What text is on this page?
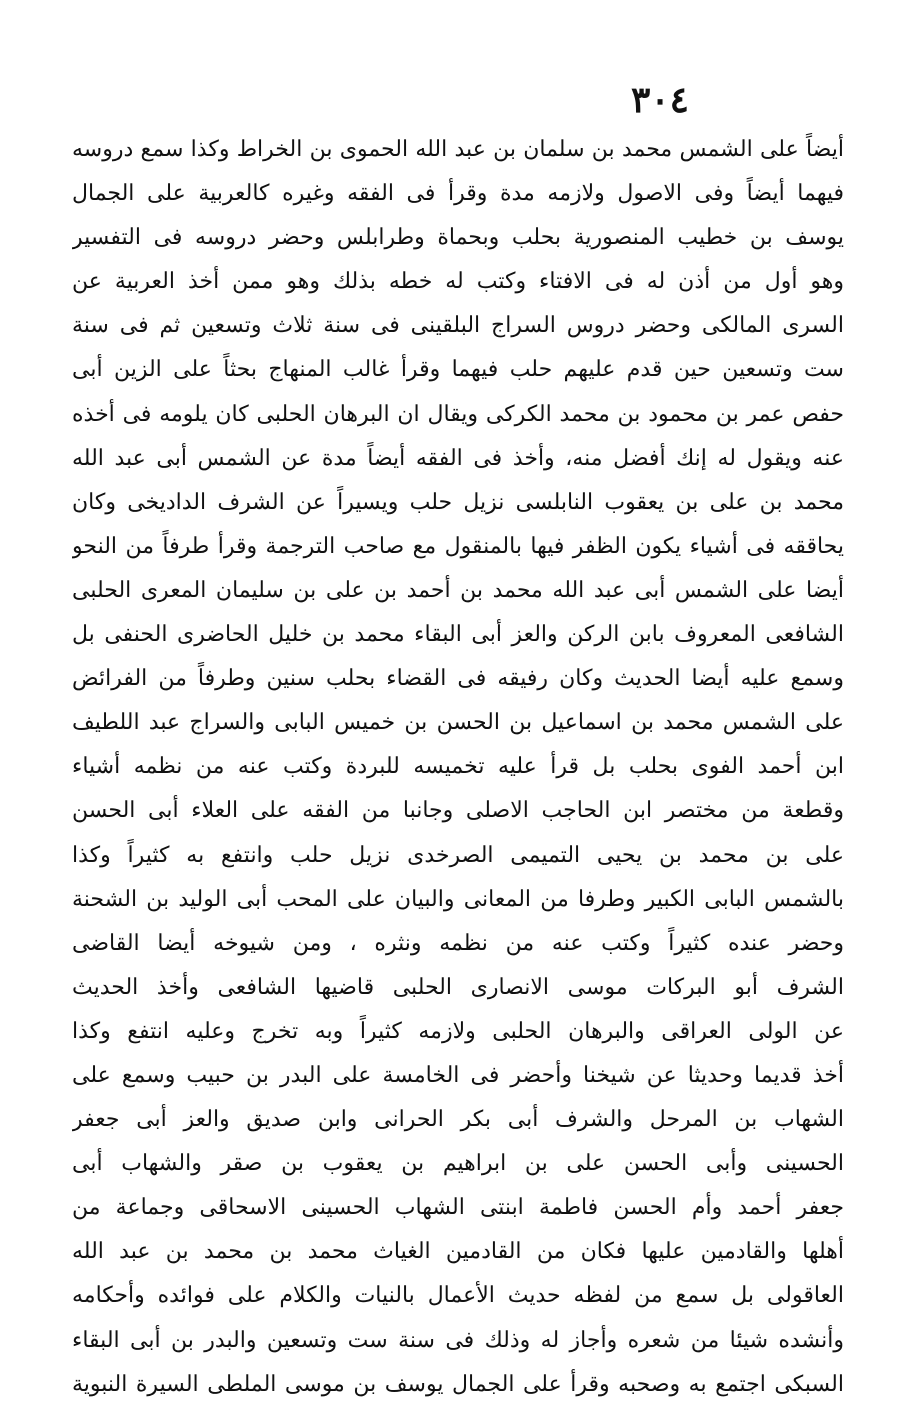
٣٠٤
أيضاً على الشمس محمد بن سلمان بن عبد الله الحموى بن الخراط وكذا سمع دروسه
فيهما أيضاً وفى الاصول ولازمه مدة وقرأ فى الفقه وغيره كالعربية على الجمال
يوسف بن خطيب المنصورية بحلب وبحماة وطرابلس وحضر دروسه فى التفسير
وهو أول من أذن له فى الافتاء وكتب له خطه بذلك وهو ممن أخذ العربية عن
السرى المالكى وحضر دروس السراج البلقينى فى سنة ثلاث وتسعين ثم فى سنة
ست وتسعين حين قدم عليهم حلب فيهما وقرأ غالب المنهاج بحثاً على الزين أبى
حفص عمر بن محمود بن محمد الكركى ويقال ان البرهان الحلبى كان يلومه فى أخذه
عنه ويقول له إنك أفضل منه، وأخذ فى الفقه أيضاً مدة عن الشمس أبى عبد الله
محمد بن على بن يعقوب النابلسى نزيل حلب ويسيراً عن الشرف الداديخى وكان
يحاققه فى أشياء يكون الظفر فيها بالمنقول مع صاحب الترجمة وقرأ طرفاً من النحو
أيضا على الشمس أبى عبد الله محمد بن أحمد بن على بن سليمان المعرى الحلبى
الشافعى المعروف بابن الركن والعز أبى البقاء محمد بن خليل الحاضرى الحنفى بل
وسمع عليه أيضا الحديث وكان رفيقه فى القضاء بحلب سنين وطرفاً من الفرائض
على الشمس محمد بن اسماعيل بن الحسن بن خميس البابى والسراج عبد اللطيف
ابن أحمد الفوى بحلب بل قرأ عليه تخميسه للبردة وكتب عنه من نظمه أشياء
وقطعة من مختصر ابن الحاجب الاصلى وجانبا من الفقه على العلاء أبى الحسن
على بن محمد بن يحيى التميمى الصرخدى نزيل حلب وانتفع به كثيراً وكذا
بالشمس البابى الكبير وطرفا من المعانى والبيان على المحب أبى الوليد بن الشحنة
وحضر عنده كثيراً وكتب عنه من نظمه ونثره ، ومن شيوخه أيضا القاضى
الشرف أبو البركات موسى الانصارى الحلبى قاضيها الشافعى وأخذ الحديث
عن الولى العراقى والبرهان الحلبى ولازمه كثيراً وبه تخرج وعليه انتفع وكذا
أخذ قديما وحديثا عن شيخنا وأحضر فى الخامسة على البدر بن حبيب وسمع على
الشهاب بن المرحل والشرف أبى بكر الحرانى وابن صديق والعز أبى جعفر
الحسينى وأبى الحسن على بن ابراهيم بن يعقوب بن صقر والشهاب أبى
جعفر أحمد وأم الحسن فاطمة ابنتى الشهاب الحسينى الاسحاقى وجماعة من
أهلها والقادمين عليها فكان من القادمين الغياث محمد بن محمد بن عبد الله
العاقولى بل سمع من لفظه حديث الأعمال بالنيات والكلام على فوائده وأحكامه
وأنشده شيئا من شعره وأجاز له وذلك فى سنة ست وتسعين والبدر بن أبى البقاء
السبكى اجتمع به وصحبه وقرأ على الجمال يوسف بن موسى الملطى السيرة النبوية
